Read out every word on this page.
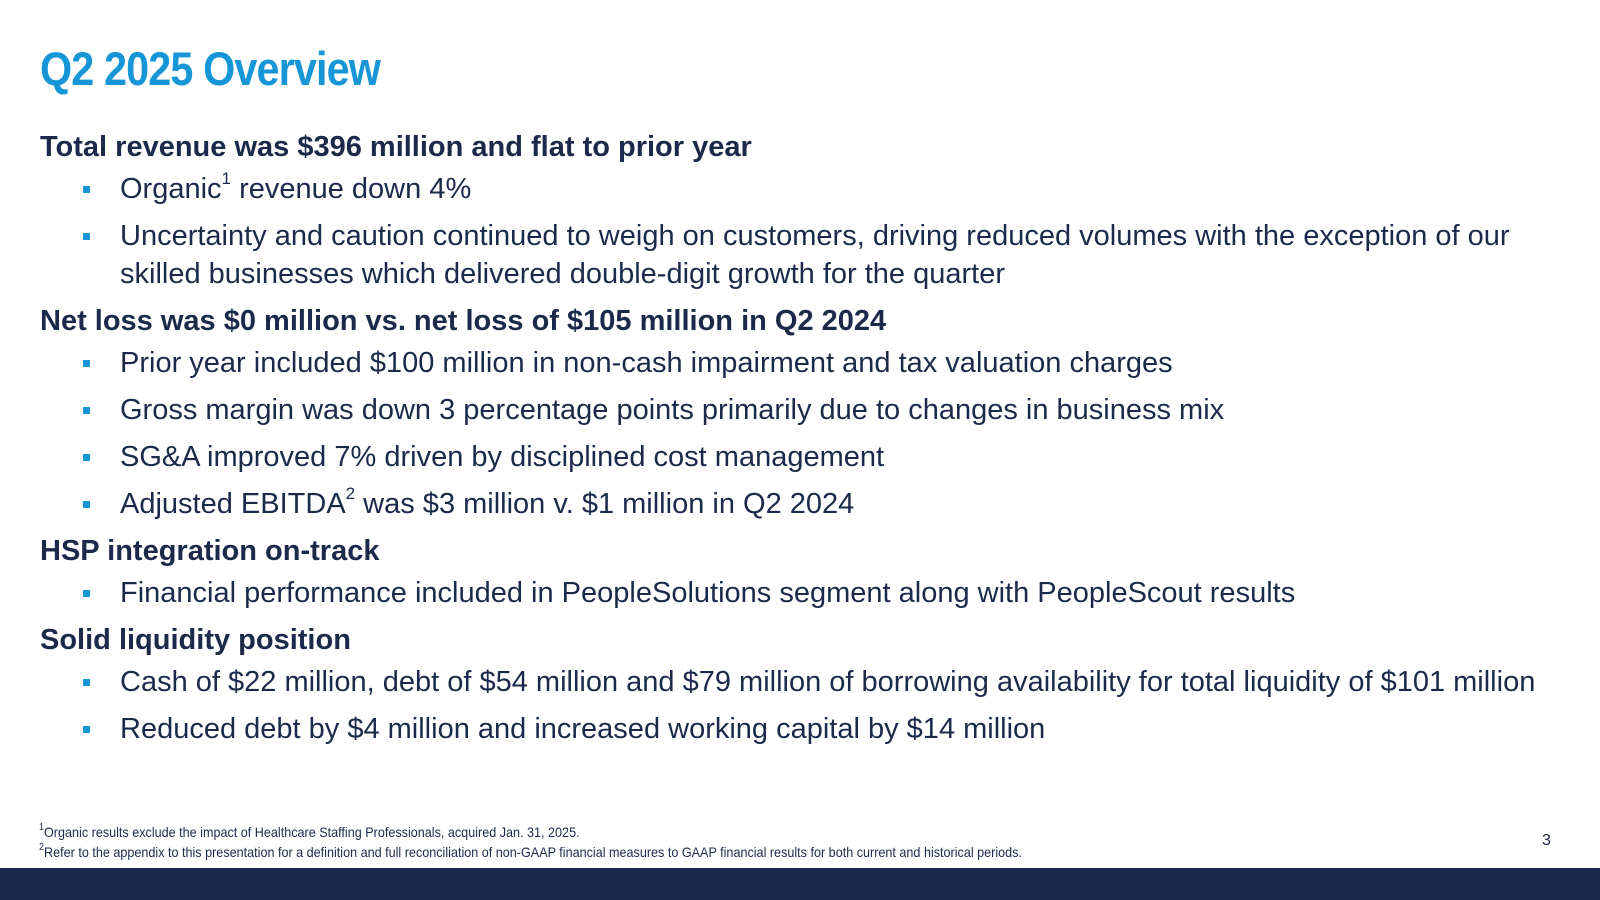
Q2 2025 Overview
Total revenue was $396 million and flat to prior year
Organic$^1$ revenue down 4%
Uncertainty and caution continued to weigh on customers, driving reduced volumes with the exception of our skilled businesses which delivered double-digit growth for the quarter
Net loss was $0 million vs. net loss of $105 million in Q2 2024
Prior year included $100 million in non-cash impairment and tax valuation charges
Gross margin was down 3 percentage points primarily due to changes in business mix
SG&A improved 7% driven by disciplined cost management
Adjusted EBITDA$^2$ was $3 million v. $1 million in Q2 2024
HSP integration on-track
Financial performance included in PeopleSolutions segment along with PeopleScout results
Solid liquidity position
Cash of $22 million, debt of $54 million and $79 million of borrowing availability for total liquidity of $101 million
Reduced debt by $4 million and increased working capital by $14 million
$^1$Organic results exclude the impact of Healthcare Staffing Professionals, acquired Jan. 31, 2025.
$^2$Refer to the appendix to this presentation for a definition and full reconciliation of non-GAAP financial measures to GAAP financial results for both current and historical periods.
3
